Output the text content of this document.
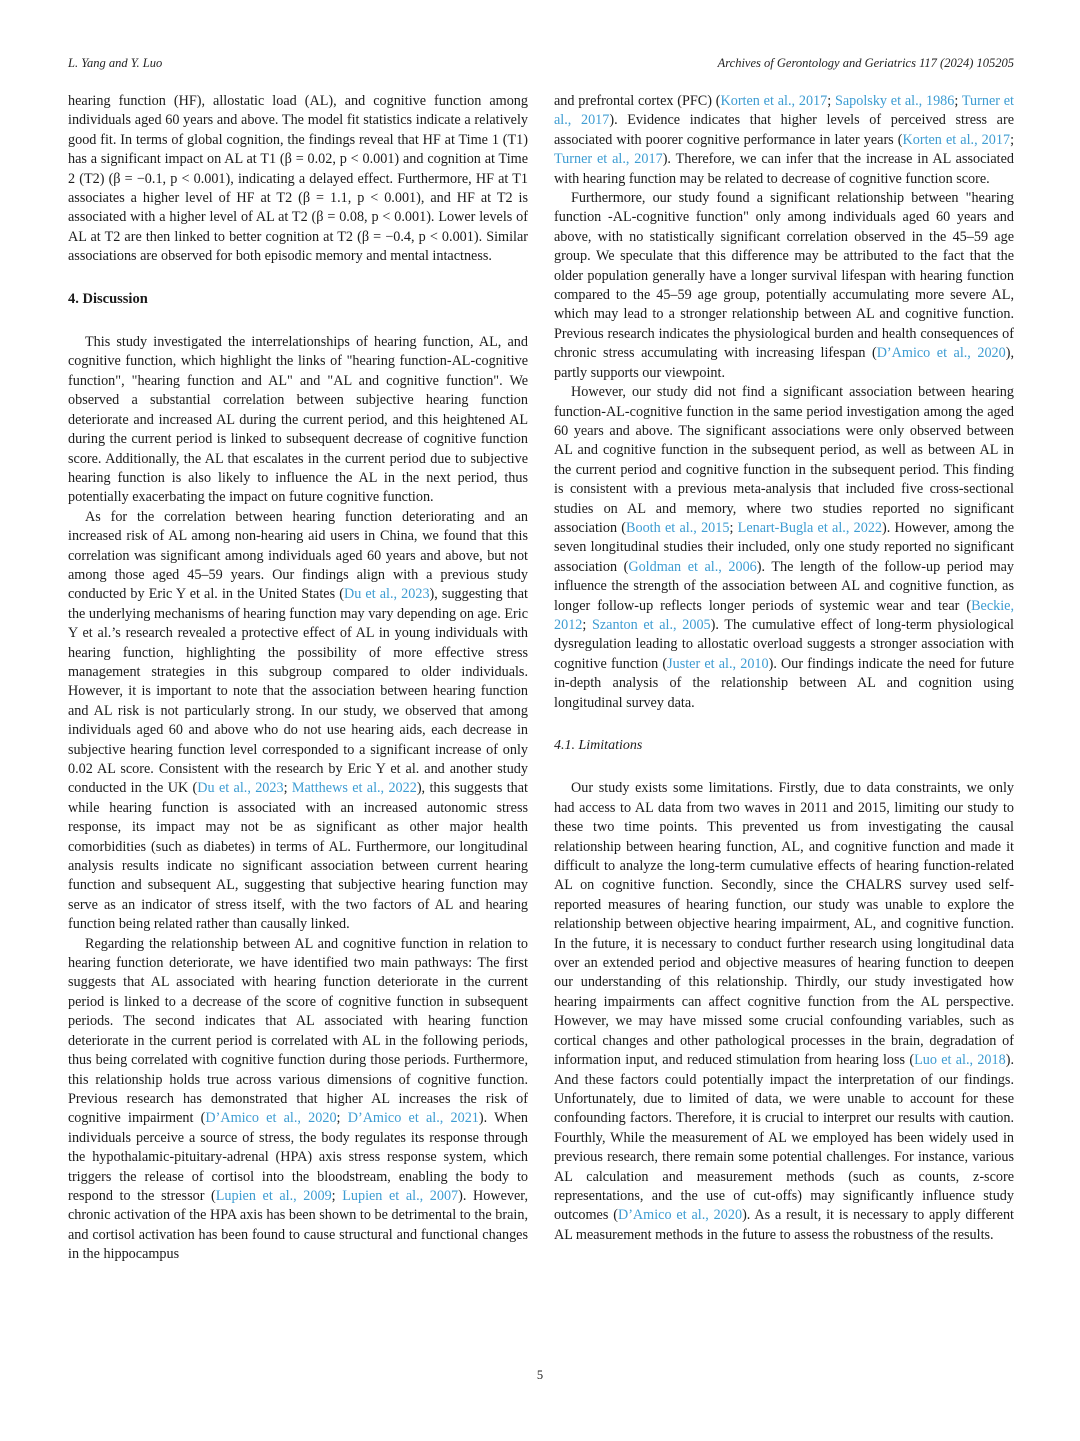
L. Yang and Y. Luo	Archives of Gerontology and Geriatrics 117 (2024) 105205

hearing function (HF), allostatic load (AL), and cognitive function among individuals aged 60 years and above. The model fit statistics indicate a relatively good fit. In terms of global cognition, the findings reveal that HF at Time 1 (T1) has a significant impact on AL at T1 (β = 0.02, p < 0.001) and cognition at Time 2 (T2) (β = −0.1, p < 0.001), indicating a delayed effect. Furthermore, HF at T1 associates a higher level of HF at T2 (β = 1.1, p < 0.001), and HF at T2 is associated with a higher level of AL at T2 (β = 0.08, p < 0.001). Lower levels of AL at T2 are then linked to better cognition at T2 (β = −0.4, p < 0.001). Similar associations are observed for both episodic memory and mental intactness.

4. Discussion

This study investigated the interrelationships of hearing function, AL, and cognitive function, which highlight the links of "hearing function-AL-cognitive function", "hearing function and AL" and "AL and cognitive function". We observed a substantial correlation between subjective hearing function deteriorate and increased AL during the current period, and this heightened AL during the current period is linked to subsequent decrease of cognitive function score. Additionally, the AL that escalates in the current period due to subjective hearing function is also likely to influence the AL in the next period, thus potentially exacerbating the impact on future cognitive function.

As for the correlation between hearing function deteriorating and an increased risk of AL among non-hearing aid users in China, we found that this correlation was significant among individuals aged 60 years and above, but not among those aged 45–59 years. Our findings align with a previous study conducted by Eric Y et al. in the United States (Du et al., 2023), suggesting that the underlying mechanisms of hearing function may vary depending on age. Eric Y et al.’s research revealed a protective effect of AL in young individuals with hearing function, highlighting the possibility of more effective stress management strategies in this subgroup compared to older individuals. However, it is important to note that the association between hearing function and AL risk is not particularly strong. In our study, we observed that among individuals aged 60 and above who do not use hearing aids, each decrease in subjective hearing function level corresponded to a significant increase of only 0.02 AL score. Consistent with the research by Eric Y et al. and another study conducted in the UK (Du et al., 2023; Matthews et al., 2022), this suggests that while hearing function is associated with an increased autonomic stress response, its impact may not be as significant as other major health comorbidities (such as diabetes) in terms of AL. Furthermore, our longitudinal analysis results indicate no significant association between current hearing function and subsequent AL, suggesting that subjective hearing function may serve as an indicator of stress itself, with the two factors of AL and hearing function being related rather than causally linked.

Regarding the relationship between AL and cognitive function in relation to hearing function deteriorate, we have identified two main pathways: The first suggests that AL associated with hearing function deteriorate in the current period is linked to a decrease of the score of cognitive function in subsequent periods. The second indicates that AL associated with hearing function deteriorate in the current period is correlated with AL in the following periods, thus being correlated with cognitive function during those periods. Furthermore, this relationship holds true across various dimensions of cognitive function. Previous research has demonstrated that higher AL increases the risk of cognitive impairment (D’Amico et al., 2020; D’Amico et al., 2021). When individuals perceive a source of stress, the body regulates its response through the hypothalamic-pituitary-adrenal (HPA) axis stress response system, which triggers the release of cortisol into the bloodstream, enabling the body to respond to the stressor (Lupien et al., 2009; Lupien et al., 2007). However, chronic activation of the HPA axis has been shown to be detrimental to the brain, and cortisol activation has been found to cause structural and functional changes in the hippocampus

and prefrontal cortex (PFC) (Korten et al., 2017; Sapolsky et al., 1986; Turner et al., 2017). Evidence indicates that higher levels of perceived stress are associated with poorer cognitive performance in later years (Korten et al., 2017; Turner et al., 2017). Therefore, we can infer that the increase in AL associated with hearing function may be related to decrease of cognitive function score.

Furthermore, our study found a significant relationship between "hearing function -AL-cognitive function" only among individuals aged 60 years and above, with no statistically significant correlation observed in the 45–59 age group. We speculate that this difference may be attributed to the fact that the older population generally have a longer survival lifespan with hearing function compared to the 45–59 age group, potentially accumulating more severe AL, which may lead to a stronger relationship between AL and cognitive function. Previous research indicates the physiological burden and health consequences of chronic stress accumulating with increasing lifespan (D’Amico et al., 2020), partly supports our viewpoint.

However, our study did not find a significant association between hearing function-AL-cognitive function in the same period investigation among the aged 60 years and above. The significant associations were only observed between AL and cognitive function in the subsequent period, as well as between AL in the current period and cognitive function in the subsequent period. This finding is consistent with a previous meta-analysis that included five cross-sectional studies on AL and memory, where two studies reported no significant association (Booth et al., 2015; Lenart-Bugla et al., 2022). However, among the seven longitudinal studies their included, only one study reported no significant association (Goldman et al., 2006). The length of the follow-up period may influence the strength of the association between AL and cognitive function, as longer follow-up reflects longer periods of systemic wear and tear (Beckie, 2012; Szanton et al., 2005). The cumulative effect of long-term physiological dysregulation leading to allostatic overload suggests a stronger association with cognitive function (Juster et al., 2010). Our findings indicate the need for future in-depth analysis of the relationship between AL and cognition using longitudinal survey data.

4.1. Limitations

Our study exists some limitations. Firstly, due to data constraints, we only had access to AL data from two waves in 2011 and 2015, limiting our study to these two time points. This prevented us from investigating the causal relationship between hearing function, AL, and cognitive function and made it difficult to analyze the long-term cumulative effects of hearing function-related AL on cognitive function. Secondly, since the CHALRS survey used self-reported measures of hearing function, our study was unable to explore the relationship between objective hearing impairment, AL, and cognitive function. In the future, it is necessary to conduct further research using longitudinal data over an extended period and objective measures of hearing function to deepen our understanding of this relationship. Thirdly, our study investigated how hearing impairments can affect cognitive function from the AL perspective. However, we may have missed some crucial confounding variables, such as cortical changes and other pathological processes in the brain, degradation of information input, and reduced stimulation from hearing loss (Luo et al., 2018). And these factors could potentially impact the interpretation of our findings. Unfortunately, due to limited of data, we were unable to account for these confounding factors. Therefore, it is crucial to interpret our results with caution. Fourthly, While the measurement of AL we employed has been widely used in previous research, there remain some potential challenges. For instance, various AL calculation and measurement methods (such as counts, z-score representations, and the use of cut-offs) may significantly influence study outcomes (D’Amico et al., 2020). As a result, it is necessary to apply different AL measurement methods in the future to assess the robustness of the results.

5
